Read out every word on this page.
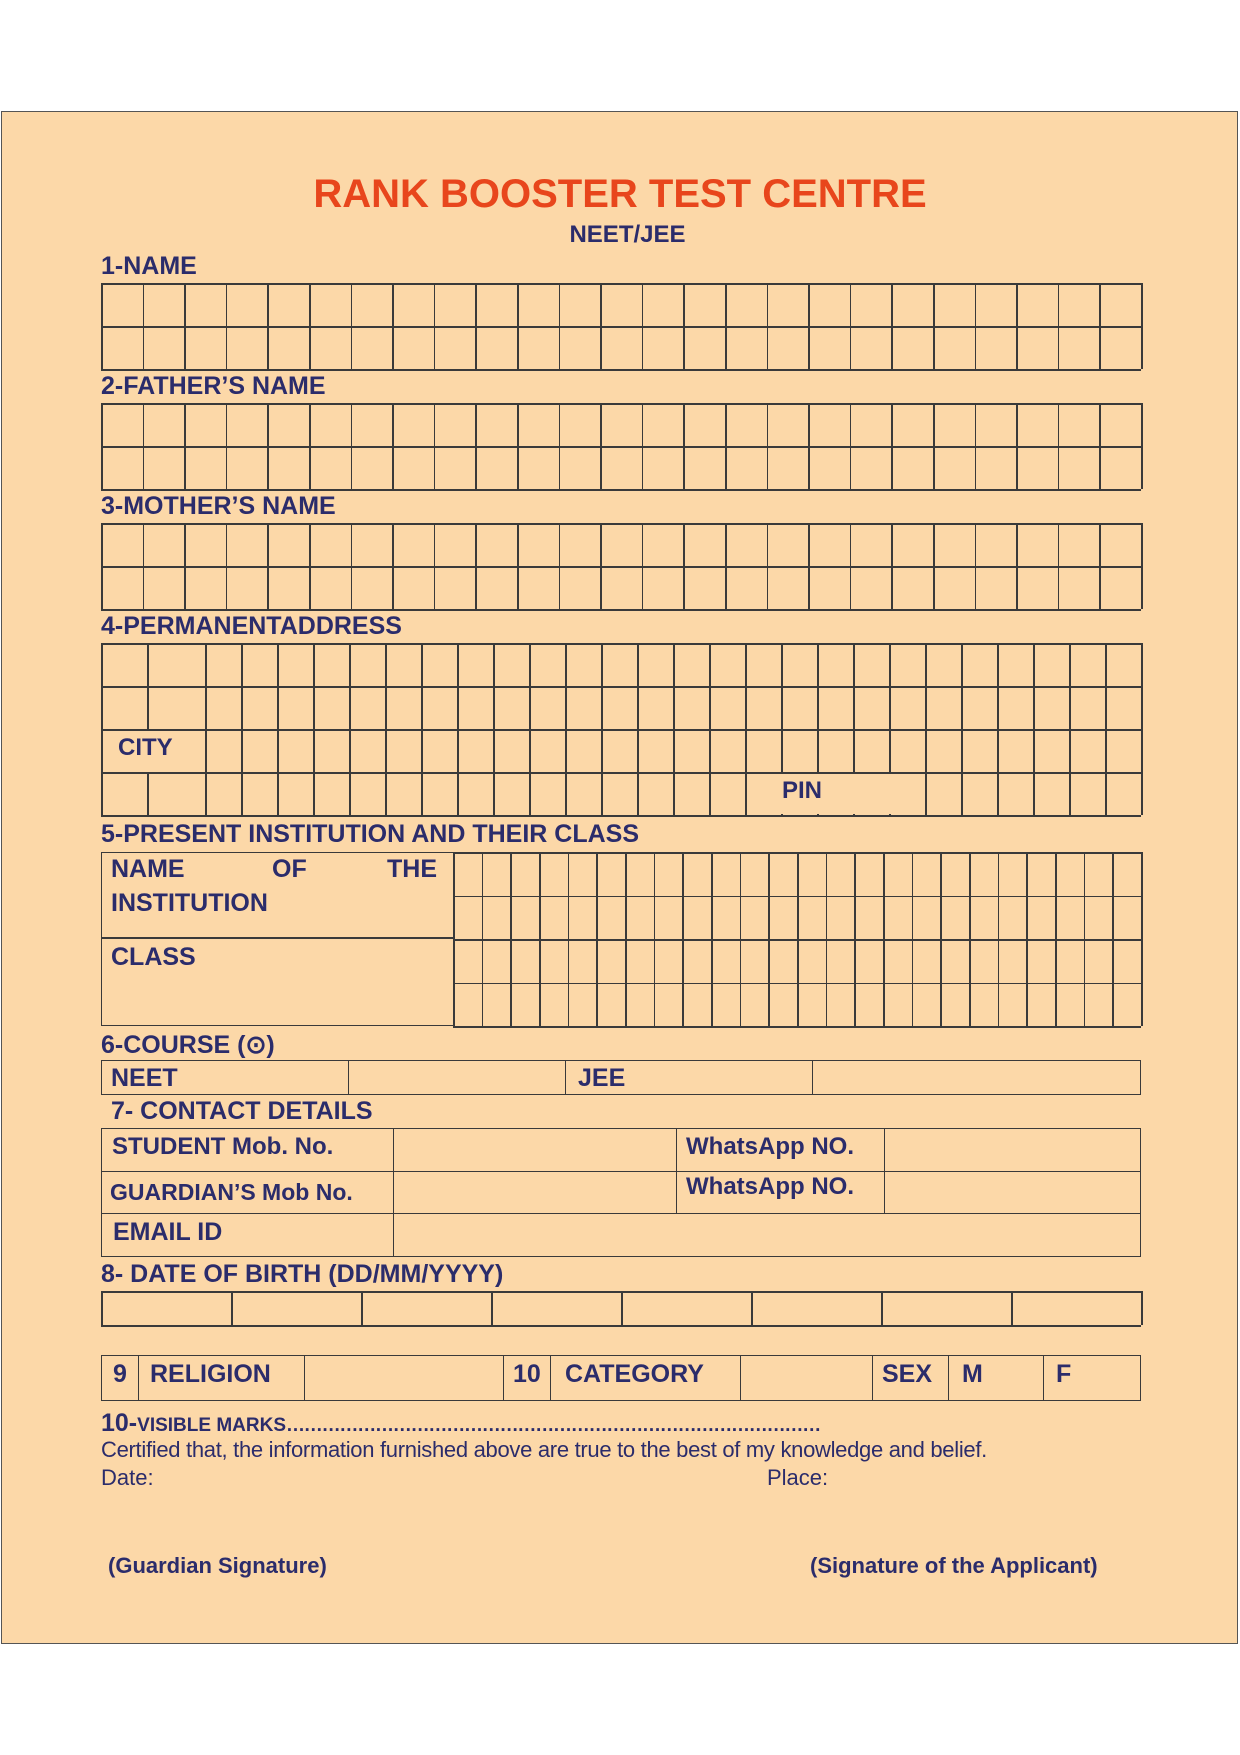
RANK BOOSTER TEST CENTRE
NEET/JEE
1-NAME
2-FATHER’S NAME
3-MOTHER’S NAME
4-PERMANENTADDRESS
CITY
PIN
5-PRESENT INSTITUTION AND THEIR CLASS
NAME	OF	THE
INSTITUTION
CLASS
6-COURSE (⊙)
NEET	JEE
7- CONTACT DETAILS
STUDENT Mob. No.	WhatsApp NO.
GUARDIAN’S Mob No.	WhatsApp NO.
EMAIL ID
8- DATE OF BIRTH (DD/MM/YYYY)
9 RELIGION	10 CATEGORY	SEX M	F
10-VISIBLE MARKS………………………………………………………………………………
Certified that, the information furnished above are true to the best of my knowledge and belief.
Date:	Place:
(Guardian Signature)	(Signature of the Applicant)
